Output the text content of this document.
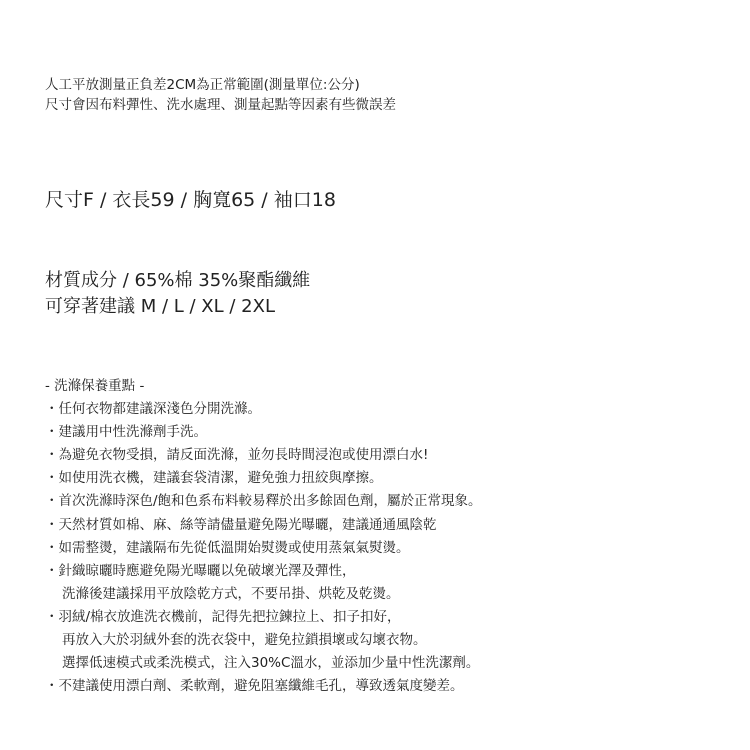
人工平放測量正負差2CM為正常範圍(測量單位:公分)
尺寸會因布料彈性、洗水處理、測量起點等因素有些微誤差
尺寸F / 衣長59 / 胸寬65 / 袖口18
材質成分 / 65%棉 35%聚酯纖維
可穿著建議 M / L / XL / 2XL
- 洗滌保養重點 -
・任何衣物都建議深淺色分開洗滌。
・建議用中性洗滌劑手洗。
・為避免衣物受損，請反面洗滌，並勿長時間浸泡或使用漂白水!
・如使用洗衣機，建議套袋清潔，避免強力扭絞與摩擦。
・首次洗滌時深色/飽和色系布料較易釋於出多餘固色劑，屬於正常現象。
・天然材質如棉、麻、絲等請儘量避免陽光曝曬，建議通通風陰乾
・如需整燙，建議隔布先從低溫開始熨燙或使用蒸氣氣熨燙。
・針織晾曬時應避免陽光曝曬以免破壞光澤及彈性，
洗滌後建議採用平放陰乾方式，不要吊掛、烘乾及乾燙。
・羽絨/棉衣放進洗衣機前，記得先把拉鍊拉上、扣子扣好，
再放入大於羽絨外套的洗衣袋中，避免拉鎖損壞或勾壞衣物。
選擇低速模式或柔洗模式，注入30%C溫水，並添加少量中性洗潔劑。
・不建議使用漂白劑、柔軟劑，避免阻塞纖維毛孔，導致透氣度變差。
